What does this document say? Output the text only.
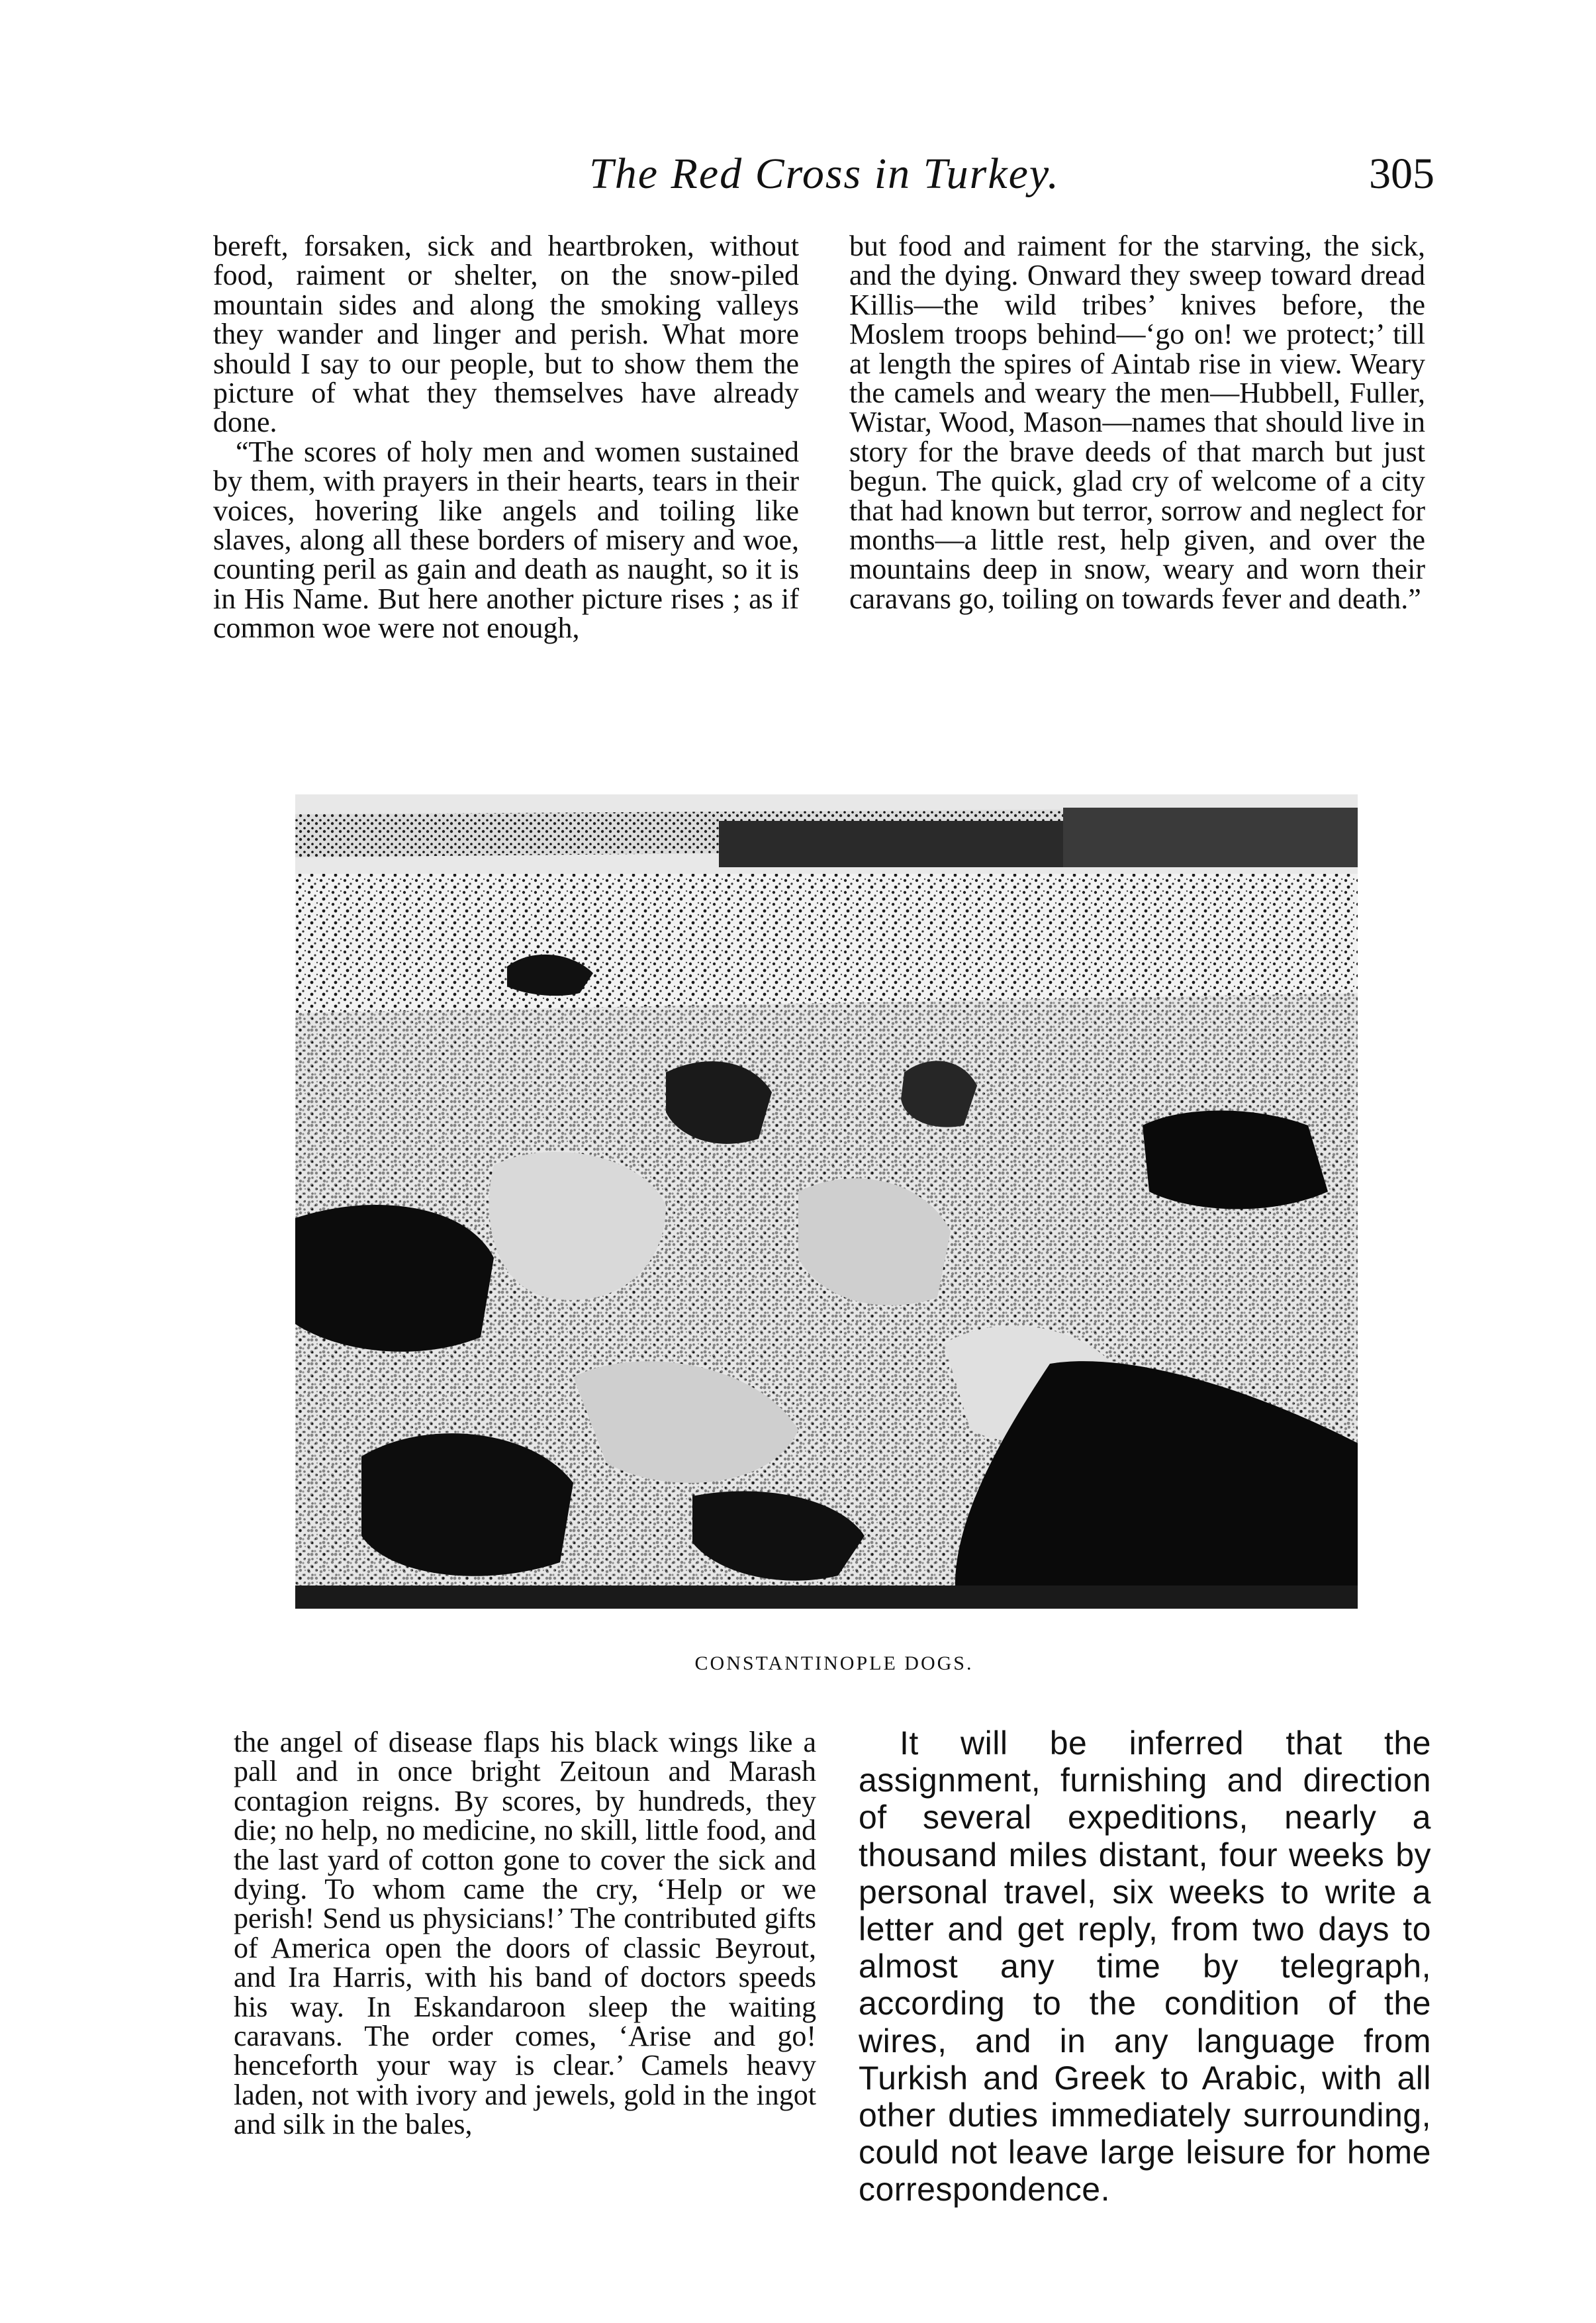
The Red Cross in Turkey.	305

bereft, forsaken, sick and heartbroken, without food, raiment or shelter, on the snow-piled mountain sides and along the smoking valleys they wander and linger and perish. What more should I say to our people, but to show them the picture of what they themselves have already done.

“The scores of holy men and women sustained by them, with prayers in their hearts, tears in their voices, hovering like angels and toiling like slaves, along all these borders of misery and woe, counting peril as gain and death as naught, so it is in His Name. But here another picture rises ; as if common woe were not enough,

but food and raiment for the starving, the sick, and the dying. Onward they sweep toward dread Killis—the wild tribes’ knives before, the Moslem troops behind—‘go on! we protect;’ till at length the spires of Aintab rise in view. Weary the camels and weary the men—Hubbell, Fuller, Wistar, Wood, Mason—names that should live in story for the brave deeds of that march but just begun. The quick, glad cry of welcome of a city that had known but terror, sorrow and neglect for months—a little rest, help given, and over the mountains deep in snow, weary and worn their caravans go, toiling on towards fever and death.”

CONSTANTINOPLE DOGS.

the angel of disease flaps his black wings like a pall and in once bright Zeitoun and Marash contagion reigns. By scores, by hundreds, they die; no help, no medicine, no skill, little food, and the last yard of cotton gone to cover the sick and dying. To whom came the cry, ‘Help or we perish! Send us physicians!’ The contributed gifts of America open the doors of classic Beyrout, and Ira Harris, with his band of doctors speeds his way. In Eskandaroon sleep the waiting caravans. The order comes, ‘Arise and go! henceforth your way is clear.’ Camels heavy laden, not with ivory and jewels, gold in the ingot and silk in the bales,

It will be inferred that the assignment, furnishing and direction of several expeditions, nearly a thousand miles distant, four weeks by personal travel, six weeks to write a letter and get reply, from two days to almost any time by telegraph, according to the condition of the wires, and in any language from Turkish and Greek to Arabic, with all other duties immediately surrounding, could not leave large leisure for home correspondence.
